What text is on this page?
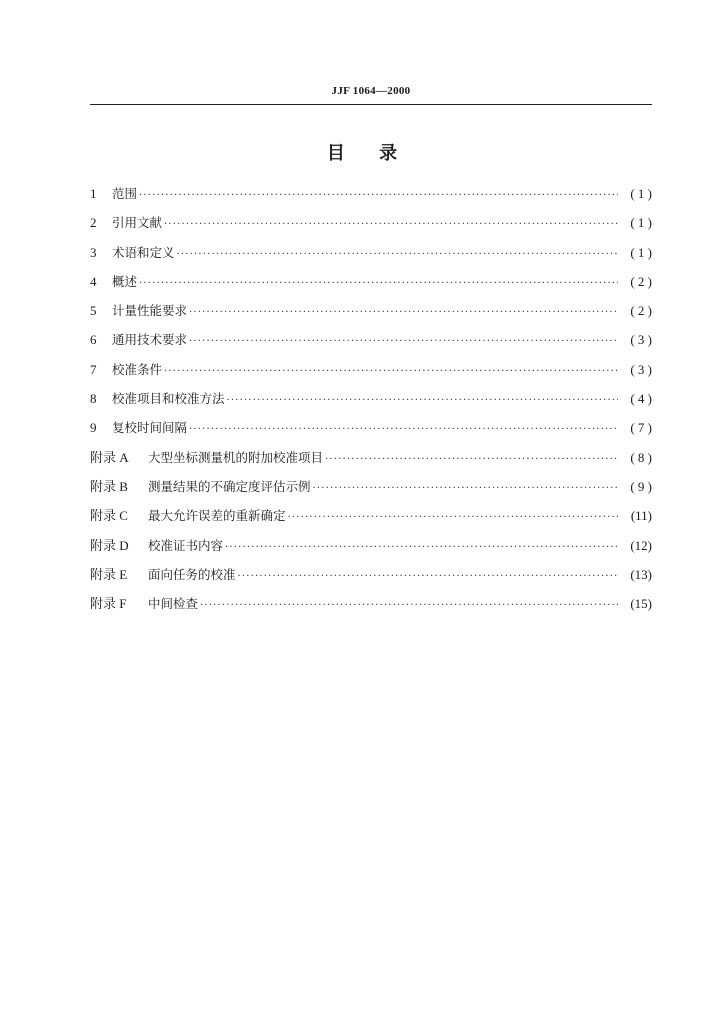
JJF 1064—2000
目 录
1	范围 ·····	( 1 )
2	引用文献 ·····	( 1 )
3	术语和定义 ·····	( 1 )
4	概述 ·····	( 2 )
5	计量性能要求 ·····	( 2 )
6	通用技术要求 ·····	( 3 )
7	校准条件 ·····	( 3 )
8	校准项目和校准方法 ·····	( 4 )
9	复校时间间隔 ·····	( 7 )
附录 A	大型坐标测量机的附加校准项目 ·····	( 8 )
附录 B	测量结果的不确定度评估示例 ·····	( 9 )
附录 C	最大允许误差的重新确定 ·····	(11)
附录 D	校准证书内容 ·····	(12)
附录 E	面向任务的校准 ·····	(13)
附录 F	中间检查 ·····	(15)
